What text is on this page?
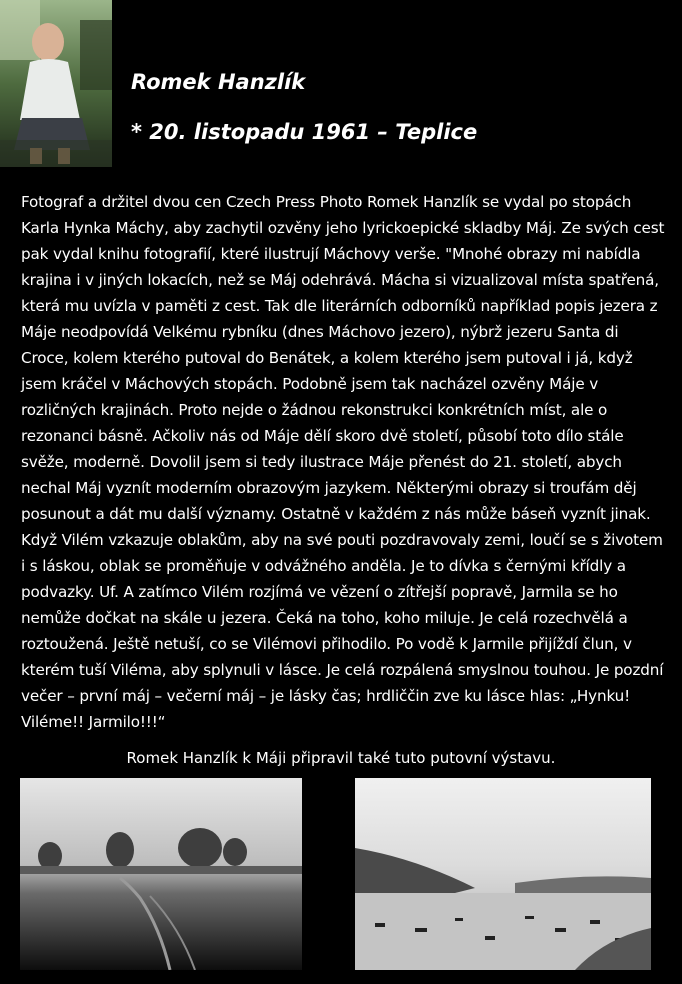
Romek Hanzlík
* 20. listopadu 1961 – Teplice
Fotograf a držitel dvou cen Czech Press Photo Romek Hanzlík se vydal po stopách Karla Hynka Máchy, aby zachytil ozvěny jeho lyrickoepické skladby Máj. Ze svých cest pak vydal knihu fotografií, které ilustrují Máchovy verše. "Mnohé obrazy mi nabídla krajina i v jiných lokacích, než se Máj odehrává. Mácha si vizualizoval místa spatřená, která mu uvízla v paměti z cest. Tak dle literárních odborníků například popis jezera z Máje neodpovídá Velkému rybníku (dnes Máchovo jezero), nýbrž jezeru Santa di Croce, kolem kterého putoval do Benátek, a kolem kterého jsem putoval i já, když jsem kráčel v Máchových stopách. Podobně jsem tak nacházel ozvěny Máje v rozličných krajinách. Proto nejde o žádnou rekonstrukci konkrétních míst, ale o rezonanci básně. Ačkoliv nás od Máje dělí skoro dvě století, působí toto dílo stále svěže, moderně. Dovolil jsem si tedy ilustrace Máje přenést do 21. století, abych nechal Máj vyznít moderním obrazovým jazykem. Některými obrazy si troufám děj posunout a dát mu další významy. Ostatně v každém z nás může báseň vyznít jinak. Když Vilém vzkazuje oblakům, aby na své pouti pozdravovaly zemi, loučí se s životem i s láskou, oblak se proměňuje v odvážného anděla. Je to dívka s černými křídly a podvazky. Uf. A zatímco Vilém rozjímá ve vězení o zítřejší popravě, Jarmila se ho nemůže dočkat na skále u jezera. Čeká na toho, koho miluje. Je celá rozechvělá a roztoužená. Ještě netuší, co se Vilémovi přihodilo. Po vodě k Jarmile přijíždí člun, v kterém tuší Viléma, aby splynuli v lásce. Je celá rozpálená smyslnou touhou. Je pozdní večer – první máj – večerní máj – je lásky čas; hrdliččin zve ku lásce hlas: „Hynku! Viléme!! Jarmilo!!!“
Romek Hanzlík k Máji připravil také tuto putovní výstavu.
